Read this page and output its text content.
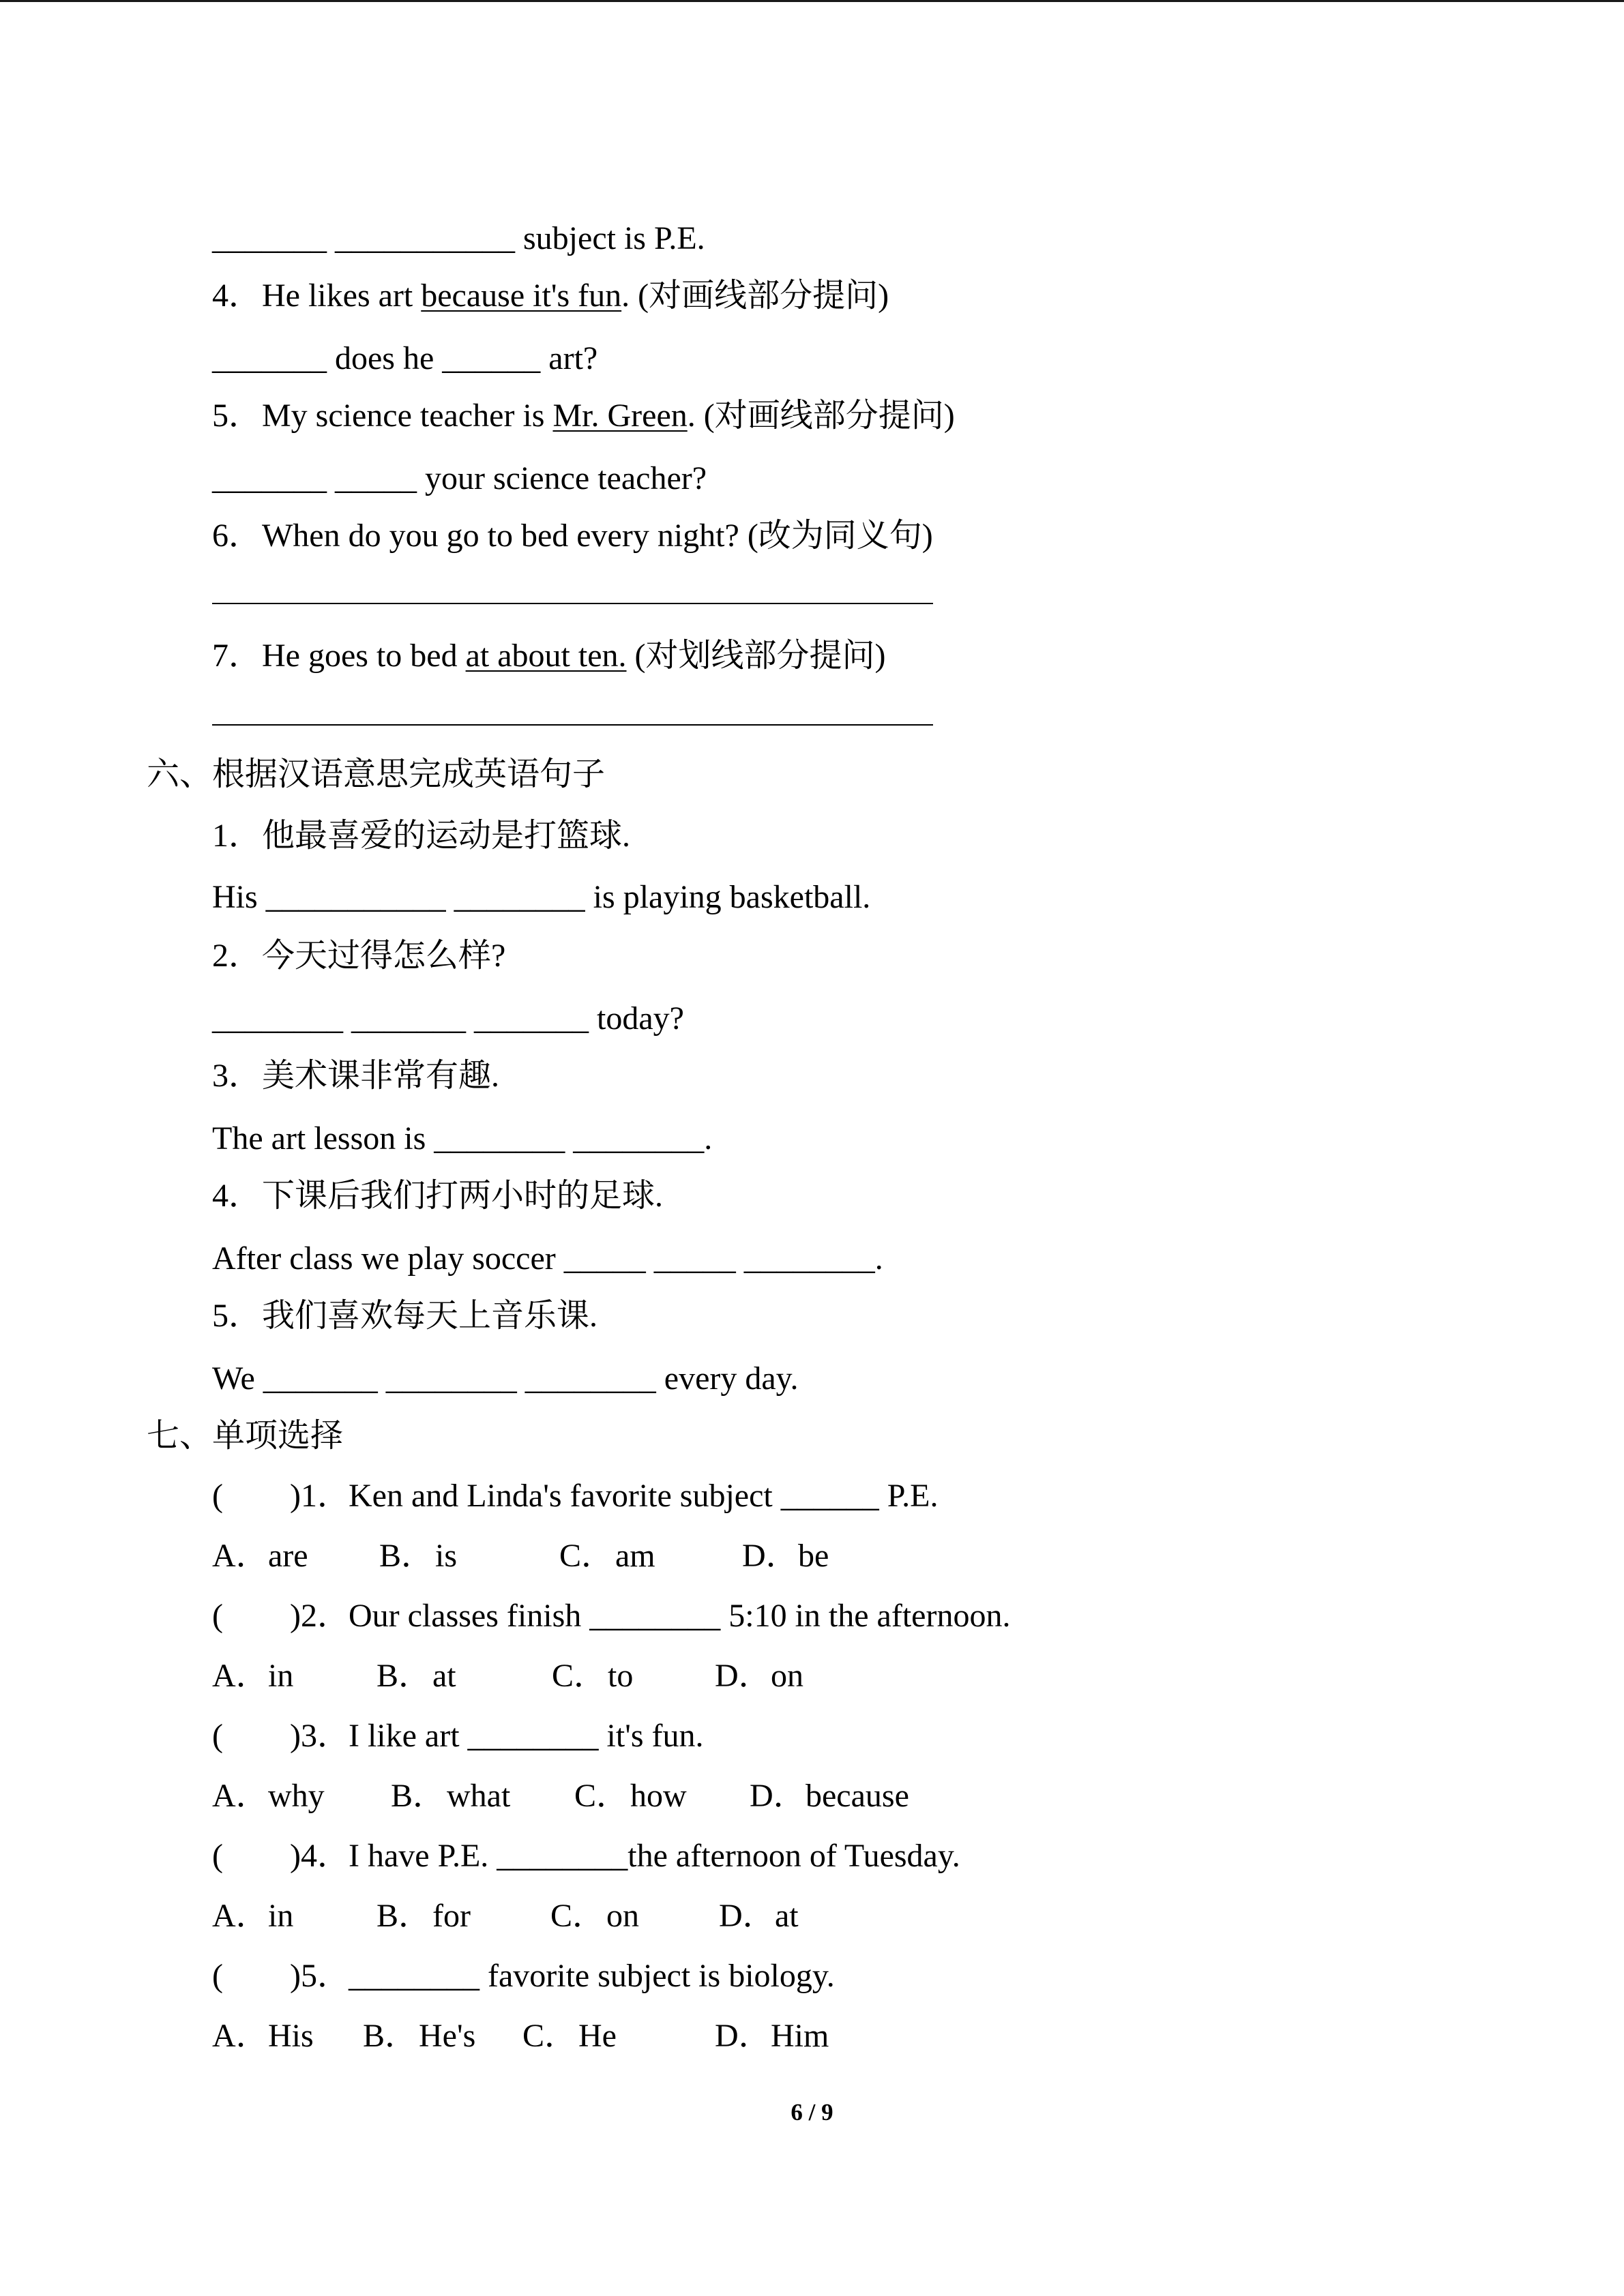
_______ ___________ subject is P.E.
4．He likes art because it's fun. (对画线部分提问)
_______ does he ______ art?
5．My science teacher is Mr. Green. (对画线部分提问)
_______ _____ your science teacher?
6．When do you go to bed every night? (改为同义句)
7．He goes to bed at about ten. (对划线部分提问)
六、根据汉语意思完成英语句子
1．他最喜爱的运动是打篮球.
His ___________ ________ is playing basketball.
2．今天过得怎么样?
________ _______ _______ today?
3．美术课非常有趣.
The art lesson is ________ ________.
4．下课后我们打两小时的足球.
After class we play soccer _____ _____ ________.
5．我们喜欢每天上音乐课.
We _______ ________ ________ every day.
七、单项选择
( )1．Ken and Linda's favorite subject ______ P.E.
A．are B．is	C．am	D．be
( )2．Our classes finish ________ 5:10 in the afternoon.
A．in	B．at	C．to D．on
( )3．I like art ________ it's fun.
A．why B．what C．how D．because
( )4．I have P.E. ________the afternoon of Tuesday.
A．in	B．for C．on D．at
( )5．________ favorite subject is biology.
A．His B．He's C．He	D．Him
6 / 9
